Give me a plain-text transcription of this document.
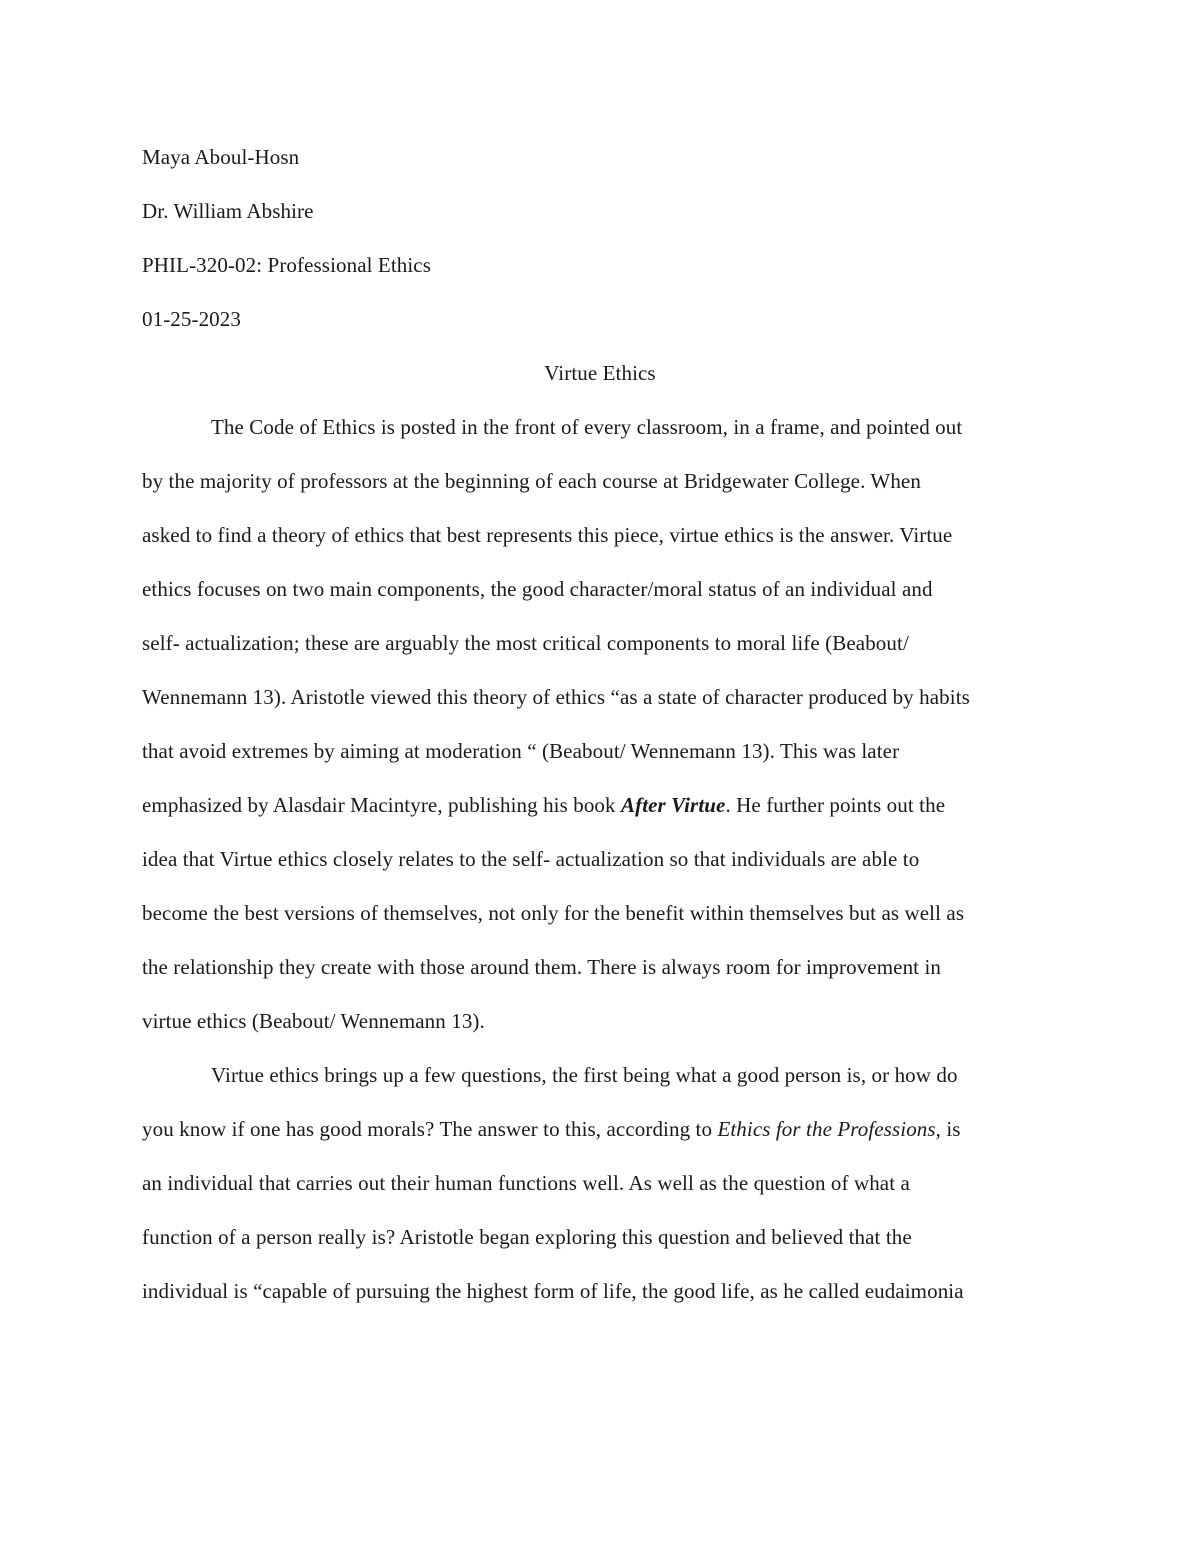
Maya Aboul-Hosn
Dr. William Abshire
PHIL-320-02: Professional Ethics
01-25-2023
Virtue Ethics
The Code of Ethics is posted in the front of every classroom, in a frame, and pointed out
by the majority of professors at the beginning of each course at Bridgewater College. When
asked to find a theory of ethics that best represents this piece, virtue ethics is the answer. Virtue
ethics focuses on two main components, the good character/moral status of an individual and
self- actualization; these are arguably the most critical components to moral life (Beabout/
Wennemann 13). Aristotle viewed this theory of ethics “as a state of character produced by habits
that avoid extremes by aiming at moderation “ (Beabout/ Wennemann 13). This was later
emphasized by Alasdair Macintyre, publishing his book After Virtue. He further points out the
idea that Virtue ethics closely relates to the self- actualization so that individuals are able to
become the best versions of themselves, not only for the benefit within themselves but as well as
the relationship they create with those around them. There is always room for improvement in
virtue ethics (Beabout/ Wennemann 13).
Virtue ethics brings up a few questions, the first being what a good person is, or how do
you know if one has good morals? The answer to this, according to Ethics for the Professions, is
an individual that carries out their human functions well. As well as the question of what a
function of a person really is? Aristotle began exploring this question and believed that the
individual is “capable of pursuing the highest form of life, the good life, as he called eudaimonia
